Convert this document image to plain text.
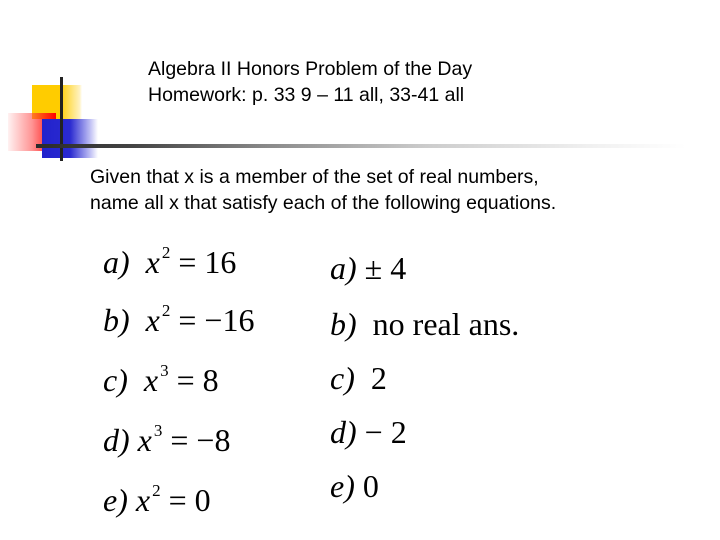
Algebra II Honors Problem of the Day
Homework: p. 33 9 – 11 all, 33-41 all
Given that x is a member of the set of real numbers,
name all x that satisfy each of the following equations.
a) x $^2$ = 16
b) x $^2$ = −16
c) x $^3$ = 8
d) x $^3$ = −8
e) x $^2$ = 0
a) ± 4
b) no real ans.
c) 2
d) − 2
e) 0
